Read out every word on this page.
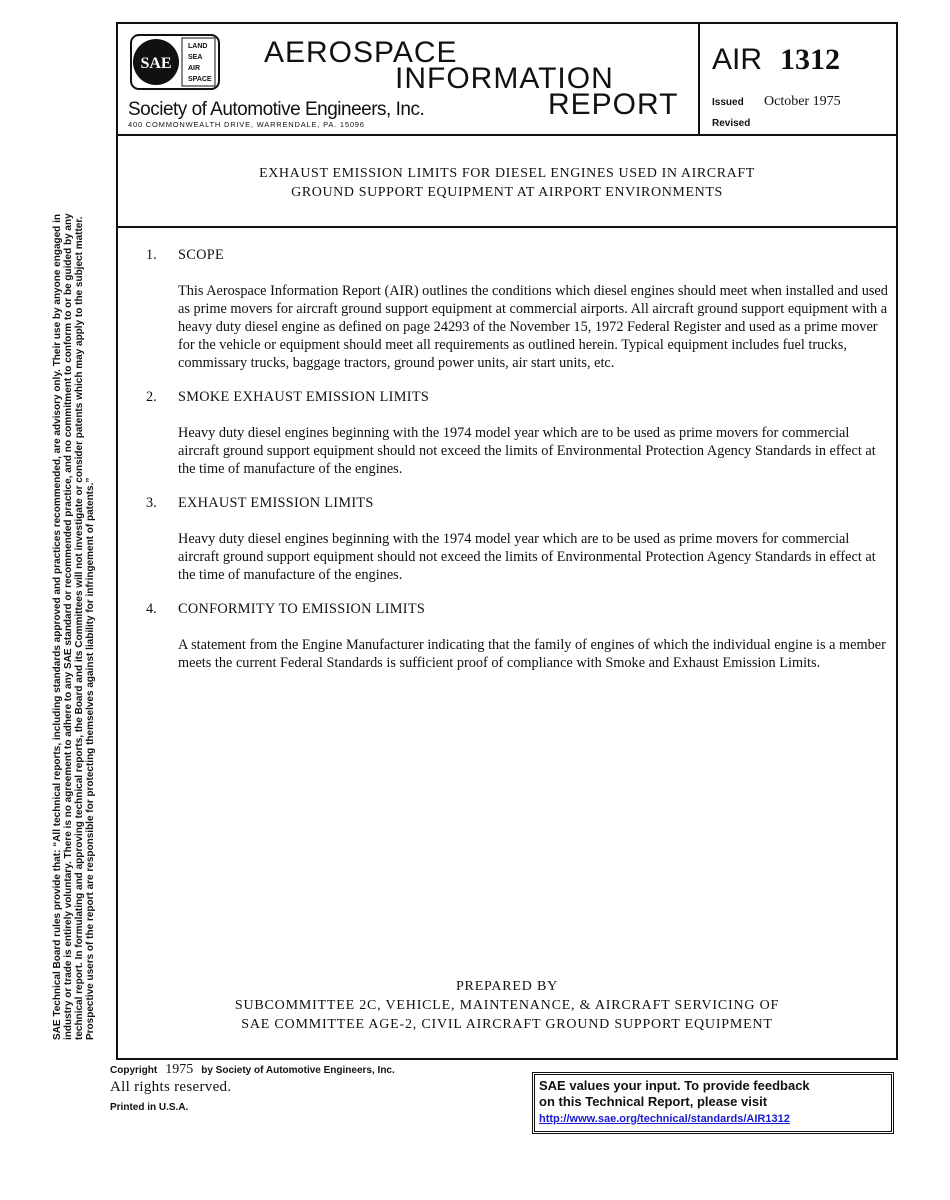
SAE
LAND
SEA
AIR
SPACE
AEROSPACE
INFORMATION
REPORT
Society of Automotive Engineers, Inc.
400 COMMONWEALTH DRIVE, WARRENDALE, PA. 15096
AIR 1312
Issued October 1975
Revised
EXHAUST EMISSION LIMITS FOR DIESEL ENGINES USED IN AIRCRAFT
GROUND SUPPORT EQUIPMENT AT AIRPORT ENVIRONMENTS
1.	SCOPE
This Aerospace Information Report (AIR) outlines the conditions which diesel engines should meet when installed and used as prime movers for aircraft ground support equipment at commercial airports. All aircraft ground support equipment with a heavy duty diesel engine as defined on page 24293 of the November 15, 1972 Federal Register and used as a prime mover for the vehicle or equipment should meet all requirements as outlined herein. Typical equipment includes fuel trucks, commissary trucks, baggage tractors, ground power units, air start units, etc.
2.	SMOKE EXHAUST EMISSION LIMITS
Heavy duty diesel engines beginning with the 1974 model year which are to be used as prime movers for commercial aircraft ground support equipment should not exceed the limits of Environmental Protection Agency Standards in effect at the time of manufacture of the engines.
3.	EXHAUST EMISSION LIMITS
Heavy duty diesel engines beginning with the 1974 model year which are to be used as prime movers for commercial aircraft ground support equipment should not exceed the limits of Environmental Protection Agency Standards in effect at the time of manufacture of the engines.
4.	CONFORMITY TO EMISSION LIMITS
A statement from the Engine Manufacturer indicating that the family of engines of which the individual engine is a member meets the current Federal Standards is sufficient proof of compliance with Smoke and Exhaust Emission Limits.
PREPARED BY
SUBCOMMITTEE 2C, VEHICLE, MAINTENANCE, & AIRCRAFT SERVICING OF
SAE COMMITTEE AGE-2, CIVIL AIRCRAFT GROUND SUPPORT EQUIPMENT
SAE Technical Board rules provide that: “All technical reports, including standards approved and practices recommended, are advisory only. Their use by anyone engaged in industry or trade is entirely voluntary. There is no agreement to adhere to any SAE standard or recommended practice, and no commitment to conform to or be guided by any technical report. In formulating and approving technical reports, the Board and its Committees will not investigate or consider patents which may apply to the subject matter. Prospective users of the report are responsible for protecting themselves against liability for infringement of patents.”
Copyright 1975 by Society of Automotive Engineers, Inc.
All rights reserved.
Printed in U.S.A.
SAE values your input. To provide feedback
on this Technical Report, please visit
http://www.sae.org/technical/standards/AIR1312
